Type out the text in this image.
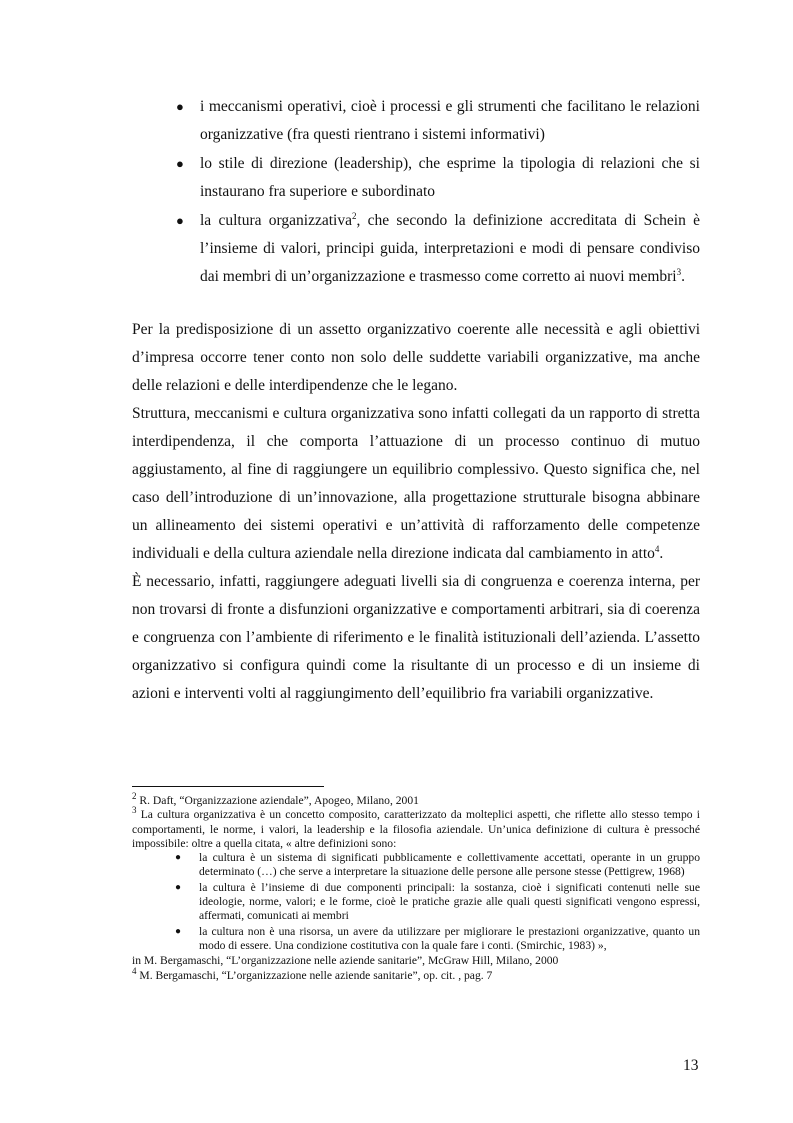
● i meccanismi operativi, cioè i processi e gli strumenti che facilitano le relazioni organizzative (fra questi rientrano i sistemi informativi)
● lo stile di direzione (leadership), che esprime la tipologia di relazioni che si instaurano fra superiore e subordinato
● la cultura organizzativa$^2$, che secondo la definizione accreditata di Schein è l’insieme di valori, principi guida, interpretazioni e modi di pensare condiviso dai membri di un’organizzazione e trasmesso come corretto ai nuovi membri$^3$.

Per la predisposizione di un assetto organizzativo coerente alle necessità e agli obiettivi d’impresa occorre tener conto non solo delle suddette variabili organizzative, ma anche delle relazioni e delle interdipendenze che le legano.

Struttura, meccanismi e cultura organizzativa sono infatti collegati da un rapporto di stretta interdipendenza, il che comporta l’attuazione di un processo continuo di mutuo aggiustamento, al fine di raggiungere un equilibrio complessivo. Questo significa che, nel caso dell’introduzione di un’innovazione, alla progettazione strutturale bisogna abbinare un allineamento dei sistemi operativi e un’attività di rafforzamento delle competenze individuali e della cultura aziendale nella direzione indicata dal cambiamento in atto$^4$.

È necessario, infatti, raggiungere adeguati livelli sia di congruenza e coerenza interna, per non trovarsi di fronte a disfunzioni organizzative e comportamenti arbitrari, sia di coerenza e congruenza con l’ambiente di riferimento e le finalità istituzionali dell’azienda. L’assetto organizzativo si configura quindi come la risultante di un processo e di un insieme di azioni e interventi volti al raggiungimento dell’equilibrio fra variabili organizzative.

$^2$ R. Daft, “Organizzazione aziendale”, Apogeo, Milano, 2001

$^3$ La cultura organizzativa è un concetto composito, caratterizzato da molteplici aspetti, che riflette allo stesso tempo i comportamenti, le norme, i valori, la leadership e la filosofia aziendale. Un’unica definizione di cultura è pressoché impossibile: oltre a quella citata, « altre definizioni sono:

● la cultura è un sistema di significati pubblicamente e collettivamente accettati, operante in un gruppo determinato (…) che serve a interpretare la situazione delle persone alle persone stesse (Pettigrew, 1968)
● la cultura è l’insieme di due componenti principali: la sostanza, cioè i significati contenuti nelle sue ideologie, norme, valori; e le forme, cioè le pratiche grazie alle quali questi significati vengono espressi, affermati, comunicati ai membri
● la cultura non è una risorsa, un avere da utilizzare per migliorare le prestazioni organizzative, quanto un modo di essere. Una condizione costitutiva con la quale fare i conti. (Smirchic, 1983) »,

in M. Bergamaschi, “L’organizzazione nelle aziende sanitarie”, McGraw Hill, Milano, 2000

$^4$ M. Bergamaschi, “L’organizzazione nelle aziende sanitarie”, op. cit. , pag. 7

13
